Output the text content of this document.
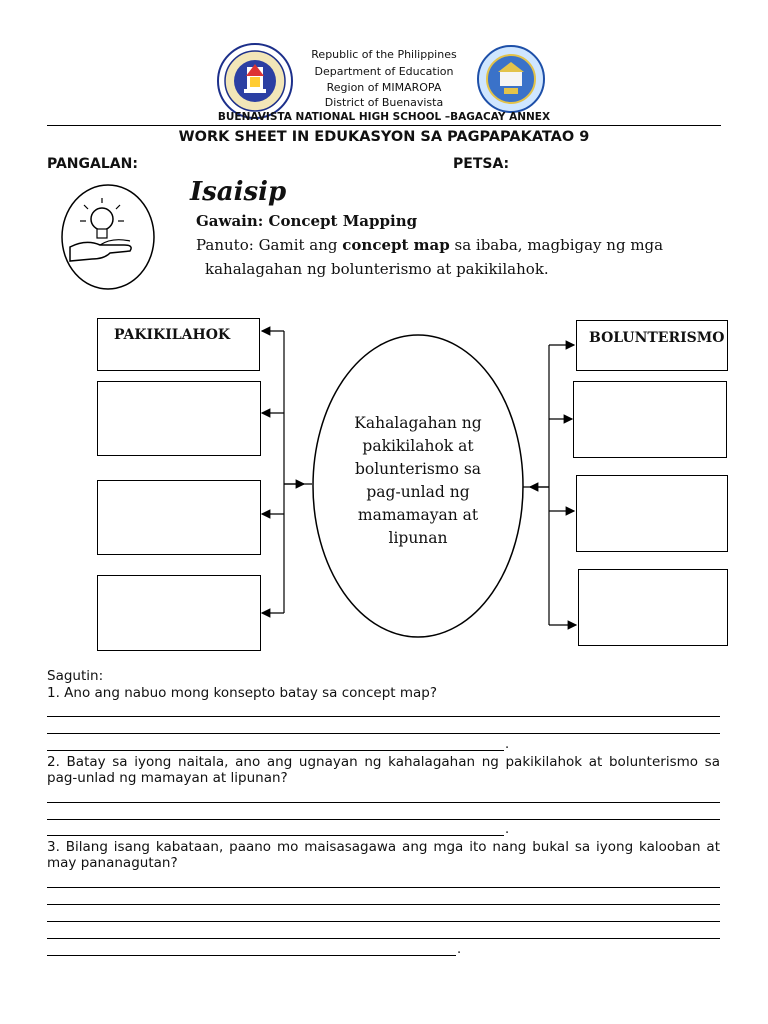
Republic of the Philippines
Department of Education
Region of MIMAROPA
District of Buenavista
BUENAVISTA NATIONAL HIGH SCHOOL –BAGACAY ANNEX
WORK SHEET IN EDUKASYON SA PAGPAPAKATAO 9
PANGALAN:	PETSA:
Isaisip
Gawain: Concept Mapping
Panuto: Gamit ang concept map sa ibaba, magbigay ng mga
kahalagahan ng bolunterismo at pakikilahok.
PAKIKILAHOK	BOLUNTERISMO
Kahalagahan ng
pakikilahok at
bolunterismo sa
pag-unlad ng
mamamayan at
lipunan
Sagutin:
1. Ano ang nabuo mong konsepto batay sa concept map?
.
2. Batay sa iyong naitala, ano ang ugnayan ng kahalagahan ng pakikilahok at bolunterismo sa pag-unlad ng mamayan at lipunan?
.
3. Bilang isang kabataan, paano mo maisasagawa ang mga ito nang bukal sa iyong kalooban at may pananagutan?
.
